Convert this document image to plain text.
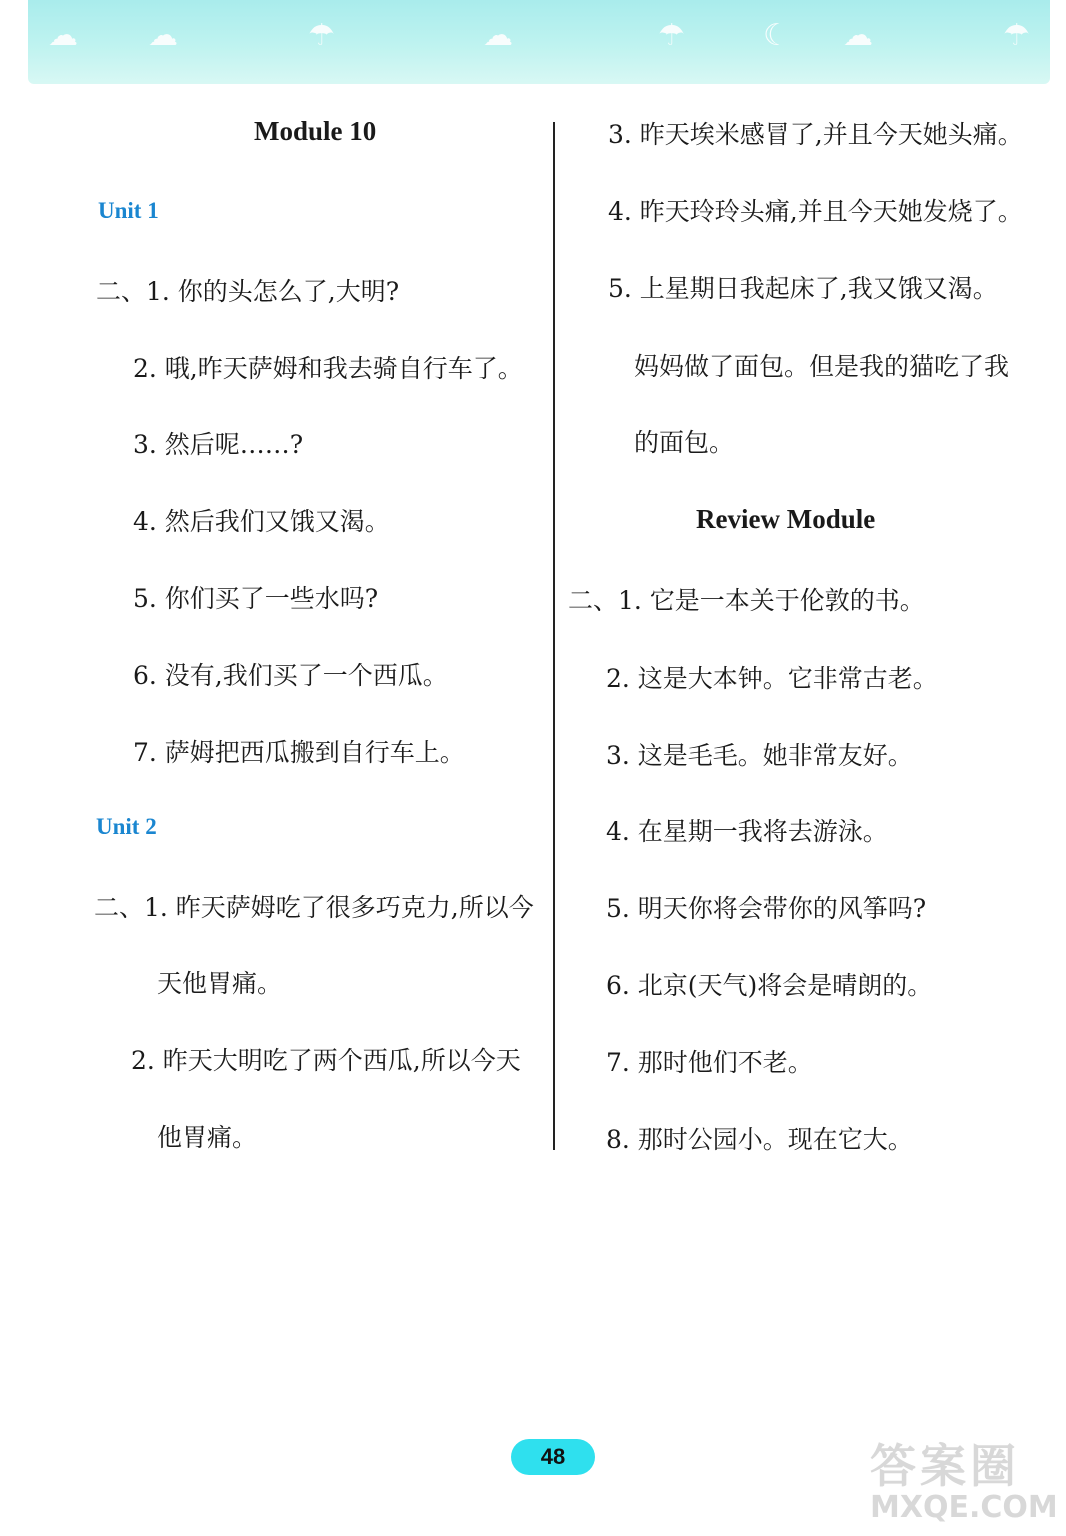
☁ ☁	☂	☁	☂	☾ ☁	☂
Module 10
Unit 1
二、1. 你的头怎么了,大明?
2. 哦,昨天萨姆和我去骑自行车了。
3. 然后呢……?
4. 然后我们又饿又渴。
5. 你们买了一些水吗?
6. 没有,我们买了一个西瓜。
7. 萨姆把西瓜搬到自行车上。
Unit 2
二、1. 昨天萨姆吃了很多巧克力,所以今
天他胃痛。
2. 昨天大明吃了两个西瓜,所以今天
他胃痛。
3. 昨天埃米感冒了,并且今天她头痛。
4. 昨天玲玲头痛,并且今天她发烧了。
5. 上星期日我起床了,我又饿又渴。
妈妈做了面包。但是我的猫吃了我
的面包。
Review Module
二、1. 它是一本关于伦敦的书。
2. 这是大本钟。它非常古老。
3. 这是毛毛。她非常友好。
4. 在星期一我将去游泳。
5. 明天你将会带你的风筝吗?
6. 北京(天气)将会是晴朗的。
7. 那时他们不老。
8. 那时公园小。现在它大。
48	答案圈
MXQE.COM
